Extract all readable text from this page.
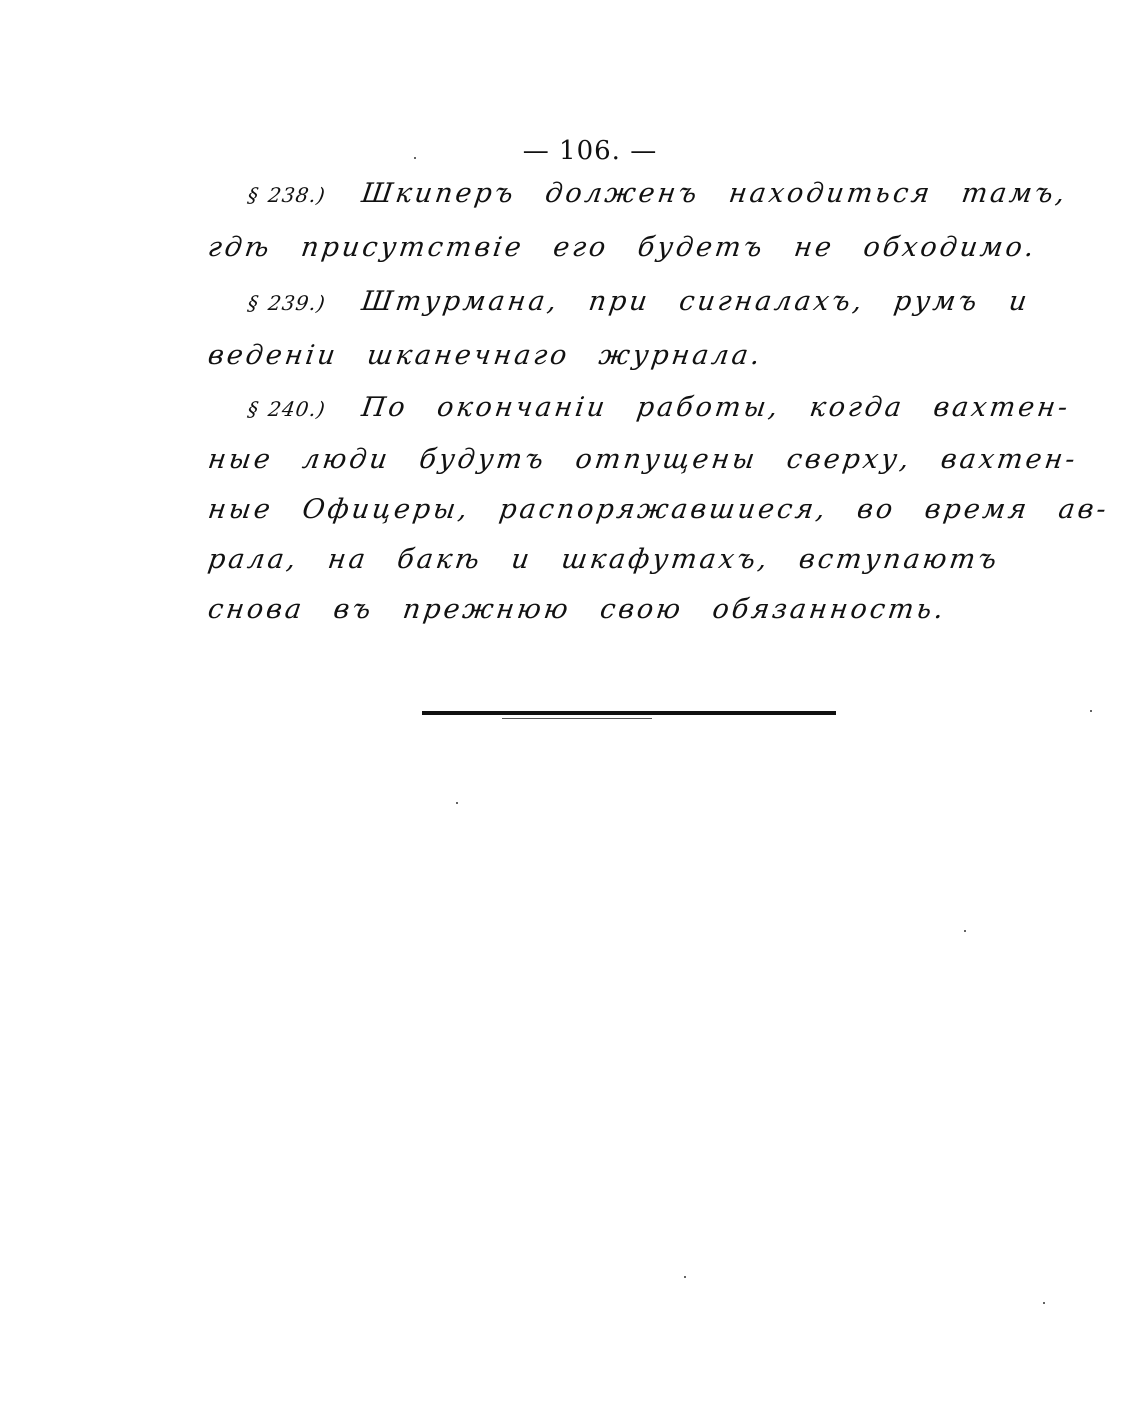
— 106. —
§ 238.) Шкиперъ долженъ находиться тамъ,
гдѣ присутствіе его будетъ не обходимо.
§ 239.) Штурмана, при сигналахъ, румъ и
веденіи шканечнаго журнала.
§ 240.) По окончаніи работы, когда вахтен-
ные люди будутъ отпущены сверху, вахтен-
ные Офицеры, распоряжавшиеся, во время ав-
рала, на бакѣ и шкафутахъ, вступаютъ
снова въ прежнюю свою обязанность.
